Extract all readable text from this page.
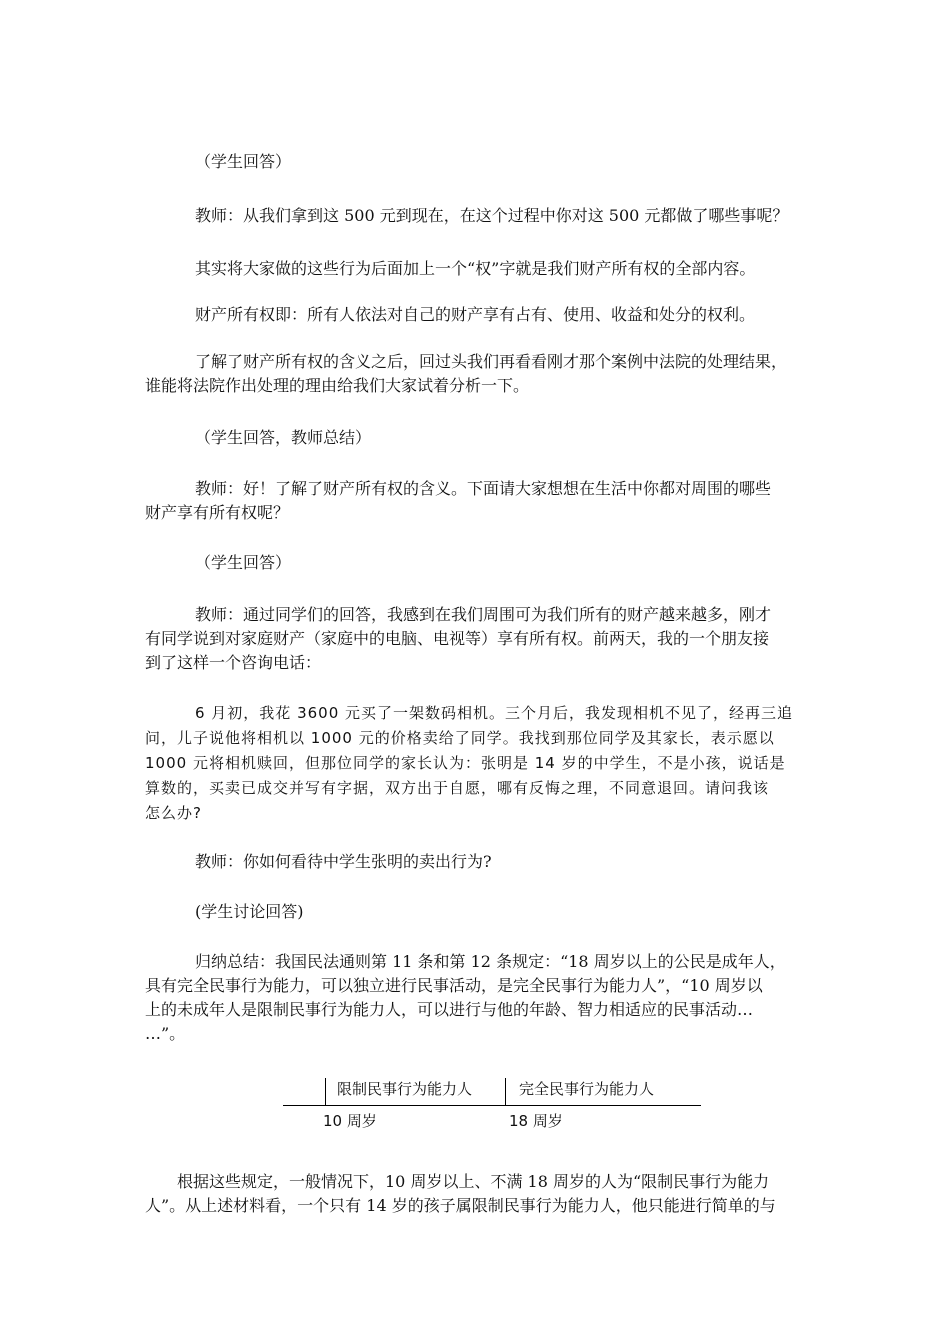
（学生回答）
教师：从我们拿到这 500 元到现在，在这个过程中你对这 500 元都做了哪些事呢？
其实将大家做的这些行为后面加上一个“权”字就是我们财产所有权的全部内容。
财产所有权即：所有人依法对自己的财产享有占有、使用、收益和处分的权利。
了解了财产所有权的含义之后，回过头我们再看看刚才那个案例中法院的处理结果，
谁能将法院作出处理的理由给我们大家试着分析一下。
（学生回答，教师总结）
教师：好！了解了财产所有权的含义。下面请大家想想在生活中你都对周围的哪些
财产享有所有权呢？
（学生回答）
教师：通过同学们的回答，我感到在我们周围可为我们所有的财产越来越多，刚才
有同学说到对家庭财产（家庭中的电脑、电视等）享有所有权。前两天，我的一个朋友接
到了这样一个咨询电话：
6 月初，我花 3600 元买了一架数码相机。三个月后，我发现相机不见了，经再三追
问，儿子说他将相机以 1000 元的价格卖给了同学。我找到那位同学及其家长，表示愿以
1000 元将相机赎回，但那位同学的家长认为：张明是 14 岁的中学生，不是小孩，说话是
算数的，买卖已成交并写有字据，双方出于自愿，哪有反悔之理，不同意退回。请问我该
怎么办?
教师：你如何看待中学生张明的卖出行为?
(学生讨论回答)
归纳总结：我国民法通则第 11 条和第 12 条规定：“18 周岁以上的公民是成年人，
具有完全民事行为能力，可以独立进行民事活动，是完全民事行为能力人”，“10 周岁以
上的未成年人是限制民事行为能力人，可以进行与他的年龄、智力相适应的民事活动…
…”。
限制民事行为能力人	完全民事行为能力人
10 周岁	18 周岁
根据这些规定，一般情况下，10 周岁以上、不满 18 周岁的人为“限制民事行为能力
人”。从上述材料看，一个只有 14 岁的孩子属限制民事行为能力人，他只能进行简单的与
